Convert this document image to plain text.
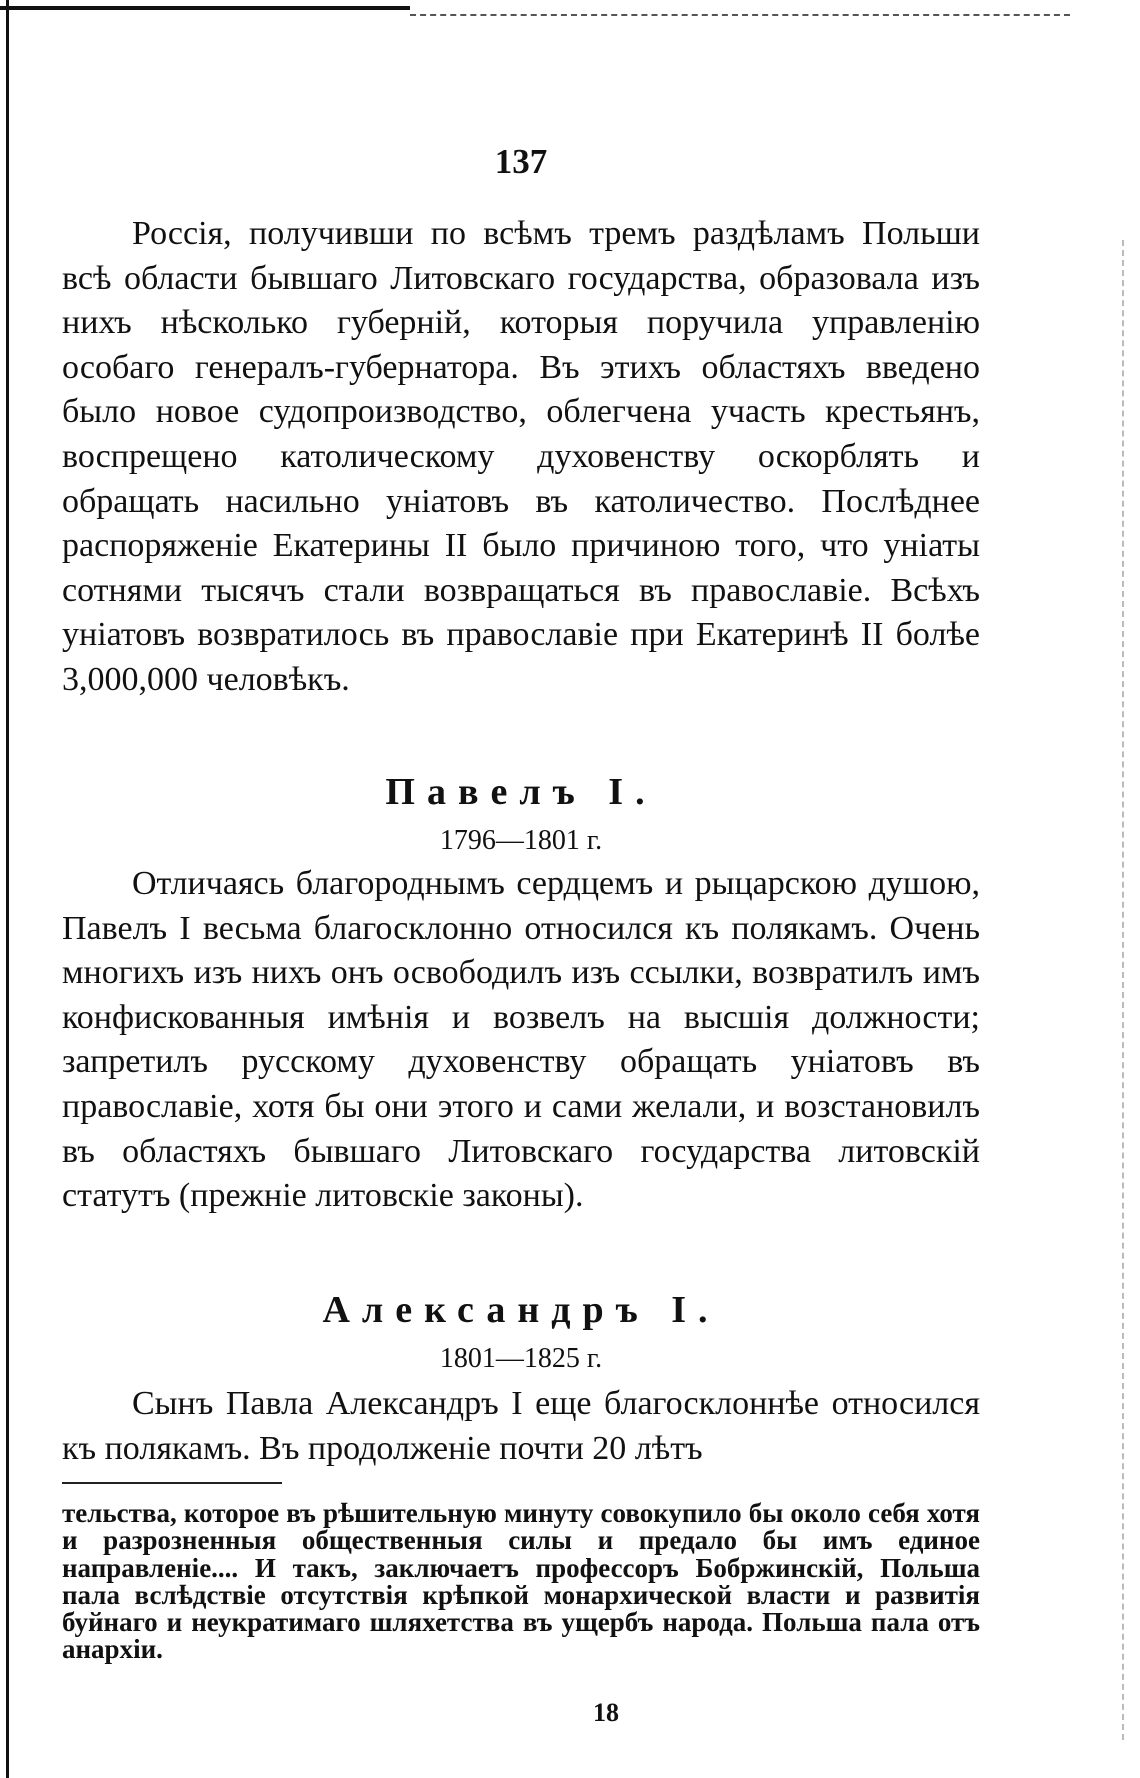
137

Россія, получивши по всѣмъ тремъ раздѣламъ Польши всѣ области бывшаго Литовскаго государства, образовала изъ нихъ нѣсколько губерній, которыя поручила управленію особаго генералъ-губернатора. Въ этихъ областяхъ введено было новое судопроизводство, облегчена участь крестьянъ, воспрещено католическому духовенству оскорблять и обращать насильно уніатовъ въ католичество. Послѣднее распоряженіе Екатерины II было причиною того, что уніаты сотнями тысячъ стали возвращаться въ православіе. Всѣхъ уніатовъ возвратилось въ православіе при Екатеринѣ II болѣе 3,000,000 человѣкъ.

Павелъ I.
1796—1801 г.

Отличаясь благороднымъ сердцемъ и рыцарскою душою, Павелъ I весьма благосклонно относился къ полякамъ. Очень многихъ изъ нихъ онъ освободилъ изъ ссылки, возвратилъ имъ конфискованныя имѣнія и возвелъ на высшія должности; запретилъ русскому духовенству обращать уніатовъ въ православіе, хотя бы они этого и сами желали, и возстановилъ въ областяхъ бывшаго Литовскаго государства литовскій статутъ (прежніе литовскіе законы).

Александръ I.
1801—1825 г.

Сынъ Павла Александръ I еще благосклоннѣе относился къ полякамъ. Въ продолженіе почти 20 лѣтъ

тельства, которое въ рѣшительную минуту совокупило бы около себя хотя и разрозненныя общественныя силы и предало бы имъ единое направленіе.... И такъ, заключаетъ профессоръ Бобржинскій, Польша пала вслѣдствіе отсутствія крѣпкой монархической власти и развитія буйнаго и неукратимаго шляхетства въ ущербъ народа. Польша пала отъ анархіи.

18
